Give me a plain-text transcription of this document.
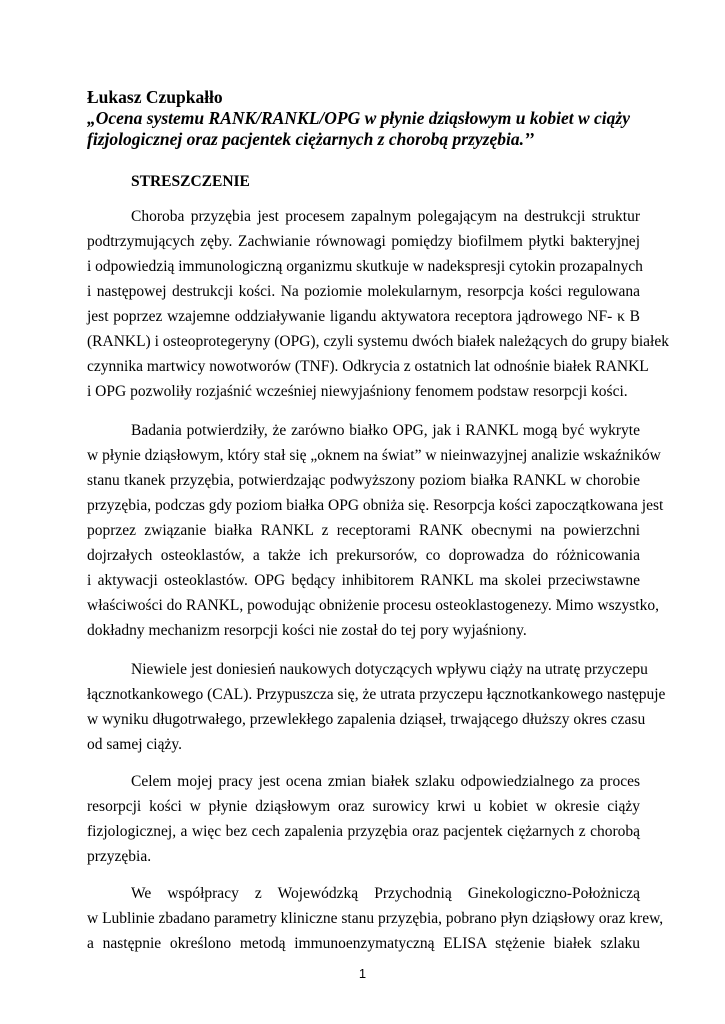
Łukasz Czupkałło
„Ocena systemu RANK/RANKL/OPG w płynie dziąsłowym u kobiet w ciąży
fizjologicznej oraz pacjentek ciężarnych z chorobą przyzębia.’’
STRESZCZENIE
Choroba przyzębia jest procesem zapalnym polegającym na destrukcji struktur
podtrzymujących zęby. Zachwianie równowagi pomiędzy biofilmem płytki bakteryjnej
i odpowiedzią immunologiczną organizmu skutkuje w nadekspresji cytokin prozapalnych
i następowej destrukcji kości. Na poziomie molekularnym, resorpcja kości regulowana
jest poprzez wzajemne oddziaływanie ligandu aktywatora receptora jądrowego NF- κ B
(RANKL) i osteoprotegeryny (OPG), czyli systemu dwóch białek należących do grupy białek
czynnika martwicy nowotworów (TNF). Odkrycia z ostatnich lat odnośnie białek RANKL
i OPG pozwoliły rozjaśnić wcześniej niewyjaśniony fenomem podstaw resorpcji kości.
Badania potwierdziły, że zarówno białko OPG, jak i RANKL mogą być wykryte
w płynie dziąsłowym, który stał się „oknem na świat” w nieinwazyjnej analizie wskaźników
stanu tkanek przyzębia, potwierdzając podwyższony poziom białka RANKL w chorobie
przyzębia, podczas gdy poziom białka OPG obniża się. Resorpcja kości zapoczątkowana jest
poprzez związanie białka RANKL z receptorami RANK obecnymi na powierzchni
dojrzałych osteoklastów, a także ich prekursorów, co doprowadza do różnicowania
i aktywacji osteoklastów. OPG będący inhibitorem RANKL ma skolei przeciwstawne
właściwości do RANKL, powodując obniżenie procesu osteoklastogenezy. Mimo wszystko,
dokładny mechanizm resorpcji kości nie został do tej pory wyjaśniony.
Niewiele jest doniesień naukowych dotyczących wpływu ciąży na utratę przyczepu
łącznotkankowego (CAL). Przypuszcza się, że utrata przyczepu łącznotkankowego następuje
w wyniku długotrwałego, przewlekłego zapalenia dziąseł, trwającego dłuższy okres czasu
od samej ciąży.
Celem mojej pracy jest ocena zmian białek szlaku odpowiedzialnego za proces
resorpcji kości w płynie dziąsłowym oraz surowicy krwi u kobiet w okresie ciąży
fizjologicznej, a więc bez cech zapalenia przyzębia oraz pacjentek ciężarnych z chorobą
przyzębia.
We współpracy z Wojewódzką Przychodnią Ginekologiczno-Położniczą
w Lublinie zbadano parametry kliniczne stanu przyzębia, pobrano płyn dziąsłowy oraz krew,
a następnie określono metodą immunoenzymatyczną ELISA stężenie białek szlaku
1
